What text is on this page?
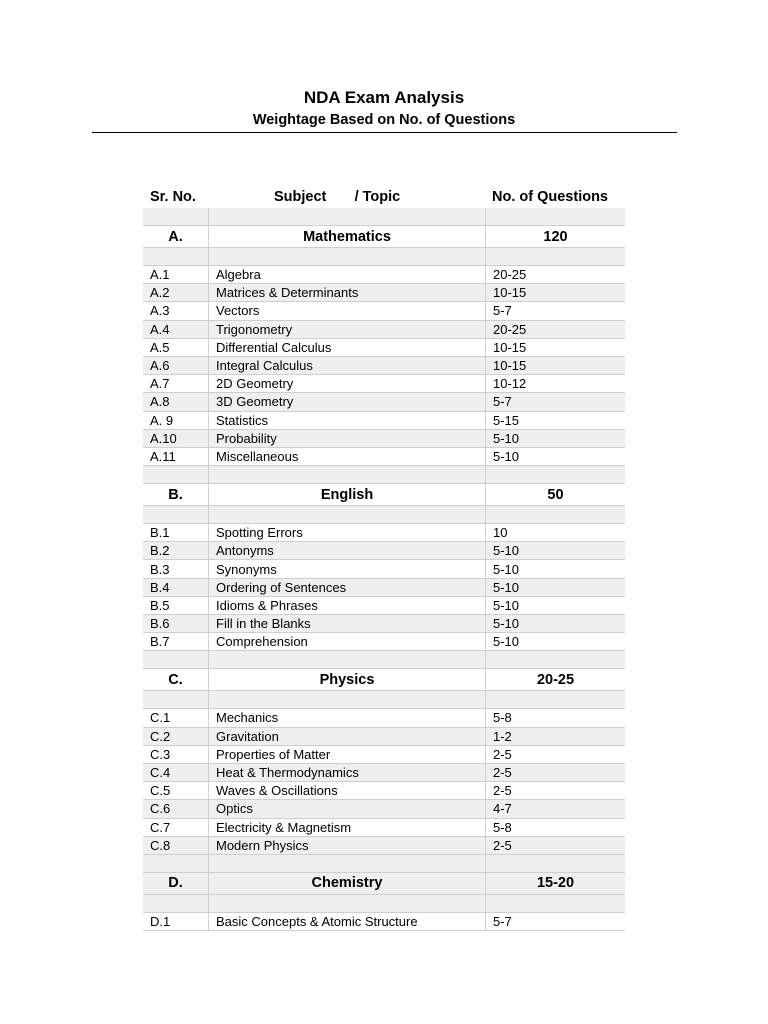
NDA Exam Analysis
Weightage Based on No. of Questions
Sr. No.	Subject       / Topic	No. of Questions
A.	Mathematics	120
A.1	Algebra	20-25
A.2	Matrices & Determinants	10-15
A.3	Vectors	5-7
A.4	Trigonometry	20-25
A.5	Differential Calculus	10-15
A.6	Integral Calculus	10-15
A.7	2D Geometry	10-12
A.8	3D Geometry	5-7
A. 9	Statistics	5-15
A.10	Probability	5-10
A.11	Miscellaneous	5-10
B.	English	50
B.1	Spotting Errors	10
B.2	Antonyms	5-10
B.3	Synonyms	5-10
B.4	Ordering of Sentences	5-10
B.5	Idioms & Phrases	5-10
B.6	Fill in the Blanks	5-10
B.7	Comprehension	5-10
C.	Physics	20-25
C.1	Mechanics	5-8
C.2	Gravitation	1-2
C.3	Properties of Matter	2-5
C.4	Heat & Thermodynamics	2-5
C.5	Waves & Oscillations	2-5
C.6	Optics	4-7
C.7	Electricity & Magnetism	5-8
C.8	Modern Physics	2-5
D.	Chemistry	15-20
D.1	Basic Concepts & Atomic Structure	5-7
